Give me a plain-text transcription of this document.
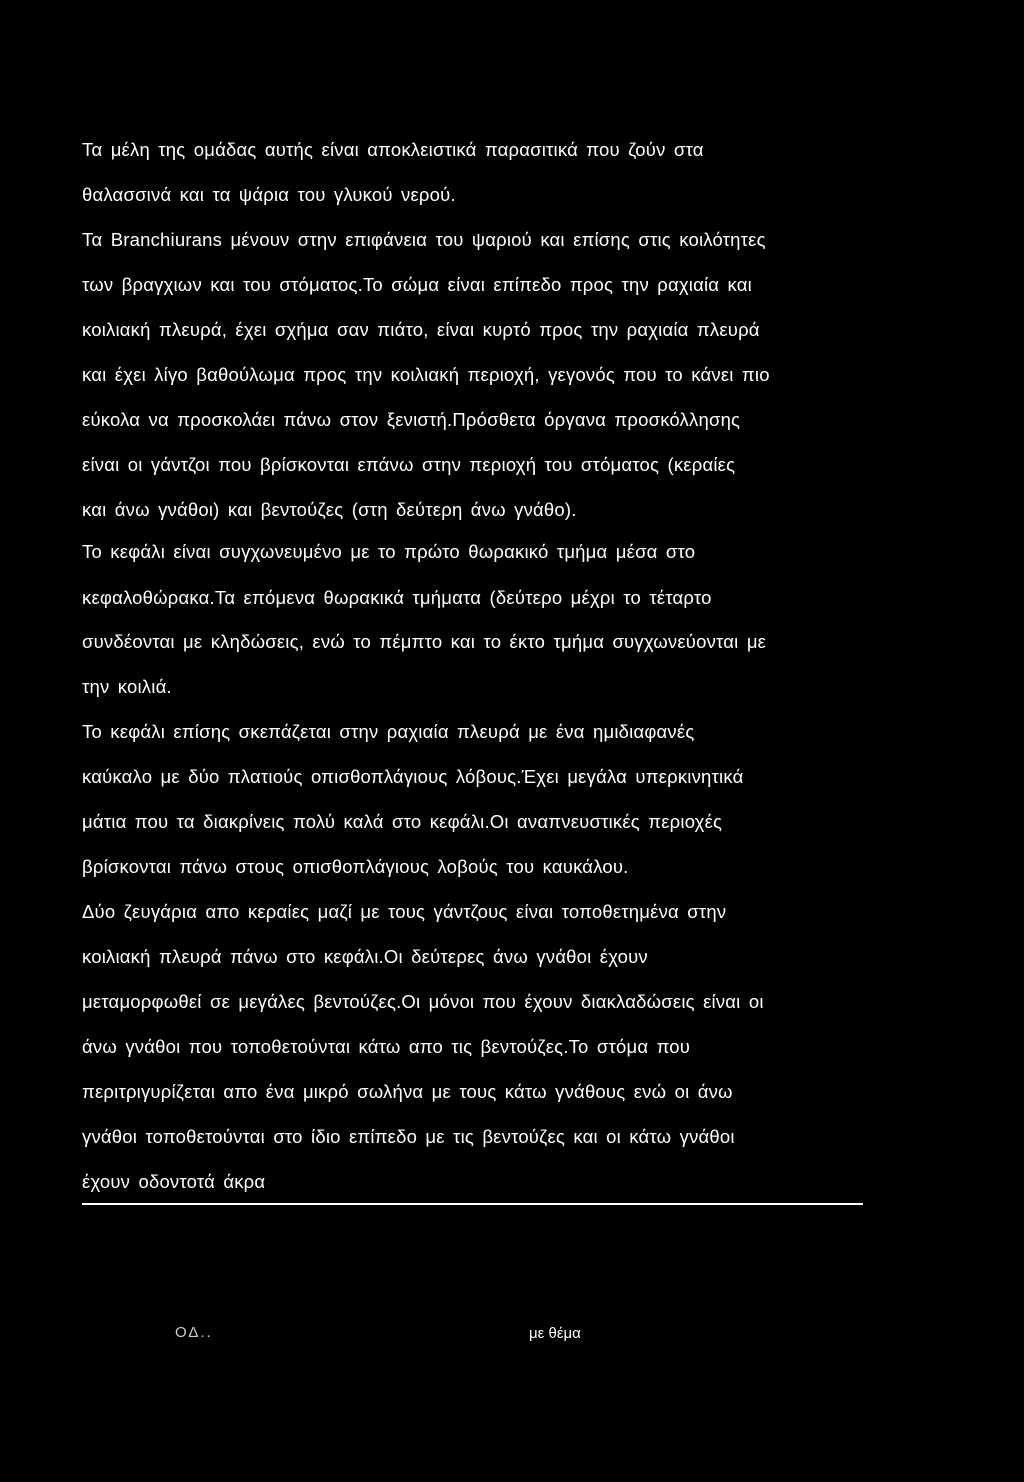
Τα μέλη της ομάδας αυτής είναι αποκλειστικά παρασιτικά που ζούν στα
θαλασσινά και τα ψάρια του γλυκού νερού.
Τα Branchiurans μένουν στην επιφάνεια του ψαριού και επίσης στις κοιλότητες
των βραγχιων και του στόματος.Το σώμα είναι επίπεδο προς την ραχιαία και
κοιλιακή πλευρά, έχει σχήμα σαν πιάτο, είναι κυρτό προς την ραχιαία πλευρά
και έχει λίγο βαθούλωμα προς την κοιλιακή περιοχή, γεγονός που το κάνει πιο
εύκολα να προσκολάει πάνω στον ξενιστή.Πρόσθετα όργανα προσκόλλησης
είναι οι γάντζοι που βρίσκονται επάνω στην περιοχή του στόματος (κεραίες
και άνω γνάθοι) και βεντούζες (στη δεύτερη άνω γνάθο).
Το κεφάλι είναι συγχωνευμένο με το πρώτο θωρακικό τμήμα μέσα στο
κεφαλοθώρακα.Τα επόμενα θωρακικά τμήματα (δεύτερο μέχρι το τέταρτο
συνδέονται με κληδώσεις, ενώ το πέμπτο και το έκτο τμήμα συγχωνεύονται με
την κοιλιά.
Το κεφάλι επίσης σκεπάζεται στην ραχιαία πλευρά με ένα ημιδιαφανές
καύκαλο με δύο πλατιούς οπισθοπλάγιους λόβους.Έχει μεγάλα υπερκινητικά
μάτια που τα διακρίνεις πολύ καλά στο κεφάλι.Οι αναπνευστικές περιοχές
βρίσκονται πάνω στους οπισθοπλάγιους λοβούς του καυκάλου.
Δύο ζευγάρια απο κεραίες μαζί με τους γάντζους είναι τοποθετημένα στην
κοιλιακή πλευρά πάνω στο κεφάλι.Οι δεύτερες άνω γνάθοι έχουν
μεταμορφωθεί σε μεγάλες βεντούζες.Οι μόνοι που έχουν διακλαδώσεις είναι οι
άνω γνάθοι που τοποθετούνται κάτω απο τις βεντούζες.Το στόμα που
περιτριγυρίζεται απο ένα μικρό σωλήνα με τους κάτω γνάθους ενώ οι άνω
γνάθοι τοποθετούνται στο ίδιο επίπεδο με τις βεντούζες και οι κάτω γνάθοι
έχουν οδοντοτά άκρα
ΟΔ..	με θέμα
